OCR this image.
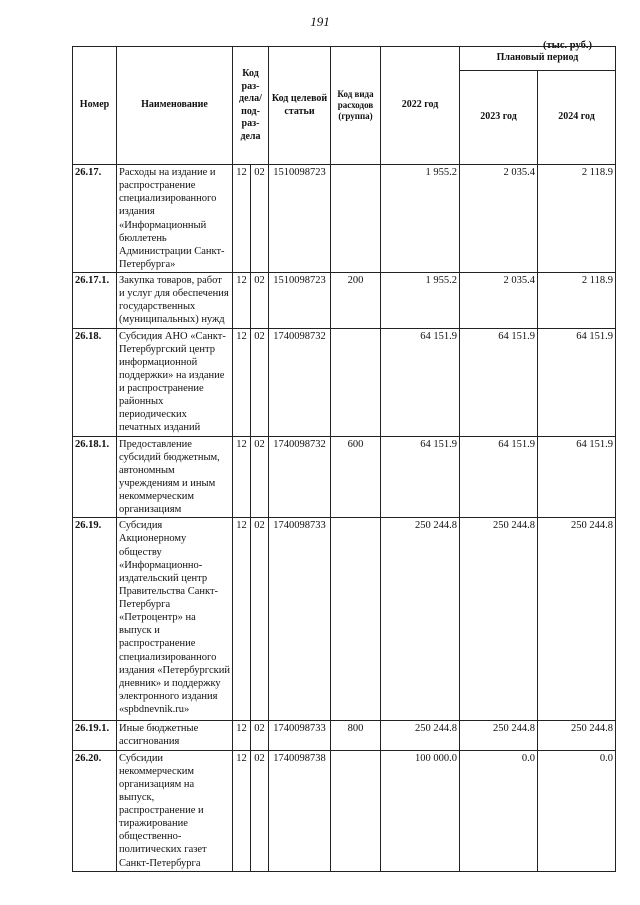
191
(тыс. руб.)
Номер	Наименование	Код раз-дела/ под-раз-дела		Код целевой статьи	Код вида расходов (группа)	2022 год	Плановый период	
							2023 год	2024 год
26.17.	Расходы на издание и распространение специализированного издания «Информационный бюллетень Администрации Санкт-Петербурга»	12	02	1510098723		1 955.2	2 035.4	2 118.9
26.17.1.	Закупка товаров, работ и услуг для обеспечения государственных (муниципальных) нужд	12	02	1510098723	200	1 955.2	2 035.4	2 118.9
26.18.	Субсидия АНО «Санкт-Петербургский центр информационной поддержки» на издание и распространение районных периодических печатных изданий	12	02	1740098732		64 151.9	64 151.9	64 151.9
26.18.1.	Предоставление субсидий бюджетным, автономным учреждениям и иным некоммерческим организациям	12	02	1740098732	600	64 151.9	64 151.9	64 151.9
26.19.	Субсидия Акционерному обществу «Информационно-издательский центр Правительства Санкт-Петербурга «Петроцентр» на выпуск и распространение специализированного издания «Петербургский дневник» и поддержку электронного издания «spbdnevnik.ru»	12	02	1740098733		250 244.8	250 244.8	250 244.8
26.19.1.	Иные бюджетные ассигнования	12	02	1740098733	800	250 244.8	250 244.8	250 244.8
26.20.	Субсидии некоммерческим организациям на выпуск, распространение и тиражирование общественно-политических газет Санкт-Петербурга	12	02	1740098738		100 000.0	0.0	0.0
